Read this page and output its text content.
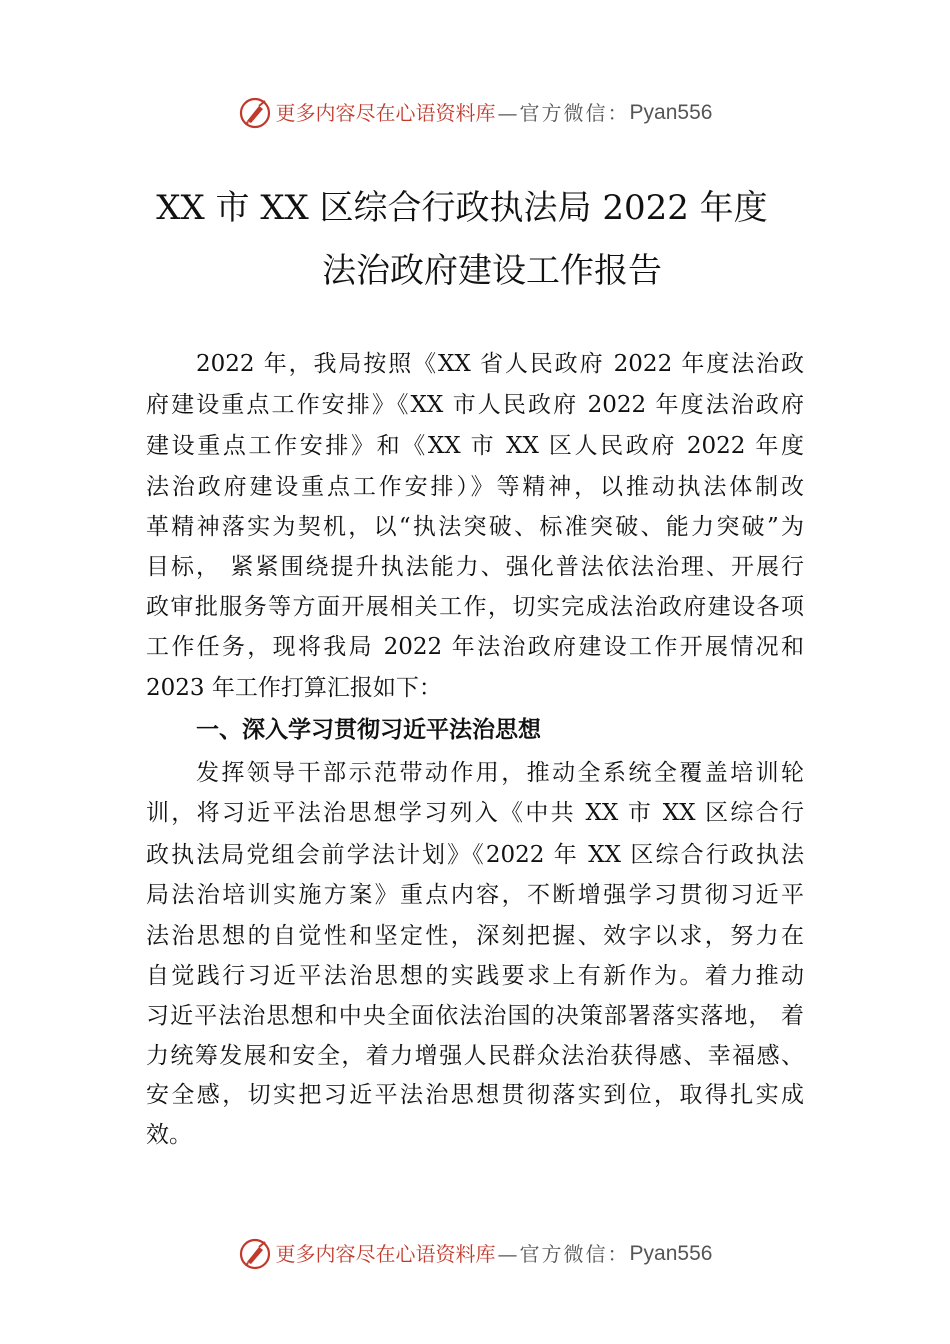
更多内容尽在心语资料库 — 官方微信： Pyan556
XX 市 XX 区综合行政执法局 2022 年度
法治政府建设工作报告
2022 年，我局按照《XX 省人民政府 2022 年度法治政
府建设重点工作安排》《XX 市人民政府 2022 年度法治政府
建设重点工作安排》和《XX 市 XX 区人民政府 2022 年度
法治政府建设重点工作安排）》等精神，以推动执法体制改
革精神落实为契机，以“执法突破、标准突破、能力突破”为
目标， 紧紧围绕提升执法能力、强化普法依法治理、开展行
政审批服务等方面开展相关工作，切实完成法治政府建设各项
工作任务，现将我局 2022 年法治政府建设工作开展情况和
2023 年工作打算汇报如下：
一、深入学习贯彻习近平法治思想
发挥领导干部示范带动作用，推动全系统全覆盖培训轮
训，将习近平法治思想学习列入《中共 XX 市 XX 区综合行
政执法局党组会前学法计划》《2022 年 XX 区综合行政执法
局法治培训实施方案》重点内容，不断增强学习贯彻习近平
法治思想的自觉性和坚定性，深刻把握、效字以求，努力在
自觉践行习近平法治思想的实践要求上有新作为。着力推动
习近平法治思想和中央全面依法治国的决策部署落实落地， 着
力统筹发展和安全，着力增强人民群众法治获得感、幸福感、
安全感，切实把习近平法治思想贯彻落实到位，取得扎实成
效。
更多内容尽在心语资料库 — 官方微信： Pyan556
